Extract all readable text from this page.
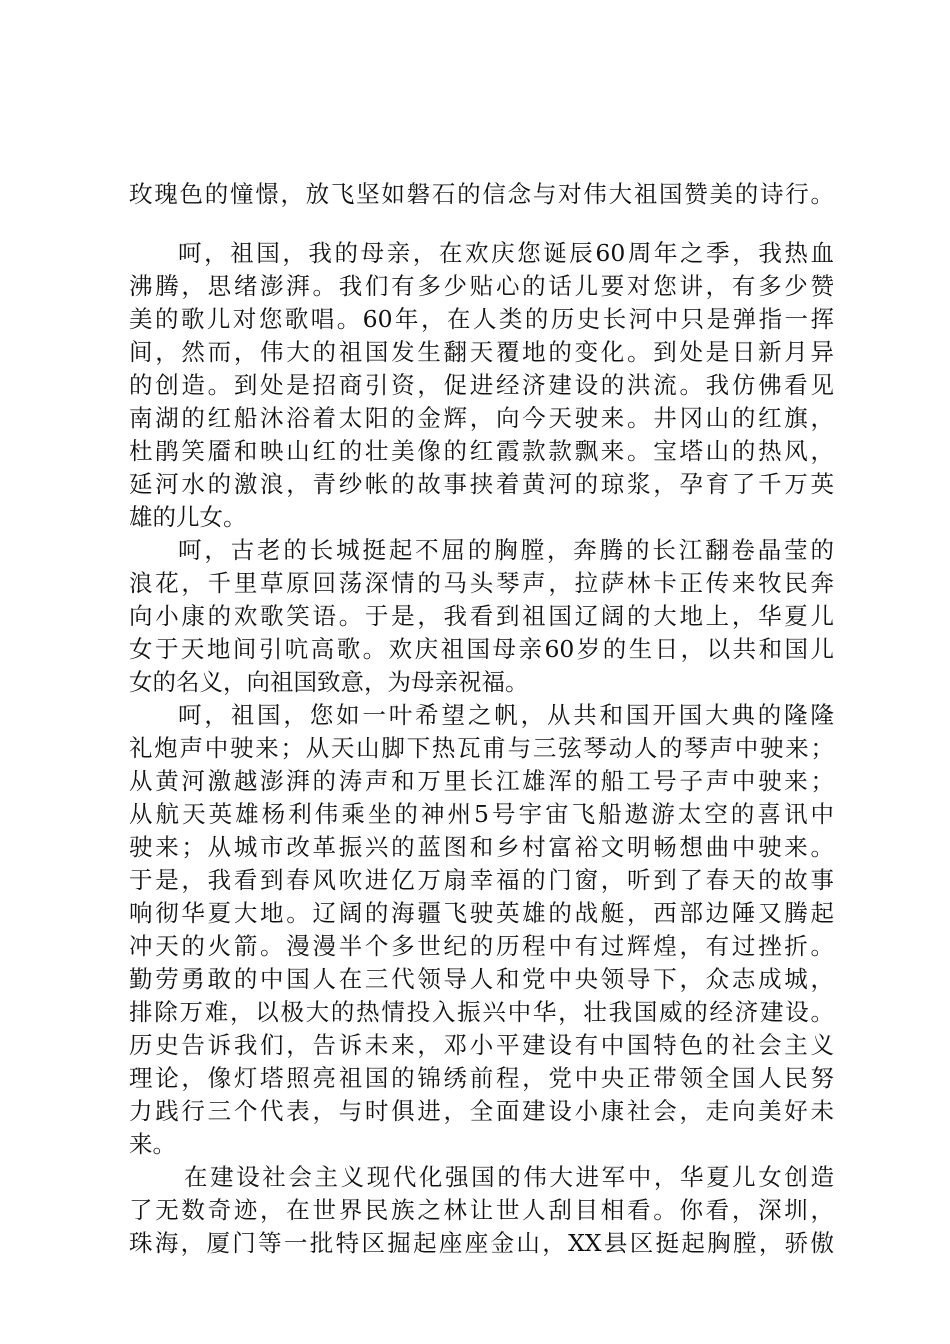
玫瑰色的憧憬，放飞坚如磐石的信念与对伟大祖国赞美的诗行。
呵，祖国，我的母亲，在欢庆您诞辰60周年之季，我热血
沸腾，思绪澎湃。我们有多少贴心的话儿要对您讲，有多少赞
美的歌儿对您歌唱。60年，在人类的历史长河中只是弹指一挥
间，然而，伟大的祖国发生翻天覆地的变化。到处是日新月异
的创造。到处是招商引资，促进经济建设的洪流。我仿佛看见
南湖的红船沐浴着太阳的金辉，向今天驶来。井冈山的红旗，
杜鹃笑靥和映山红的壮美像的红霞款款飘来。宝塔山的热风，
延河水的激浪，青纱帐的故事挟着黄河的琼浆，孕育了千万英
雄的儿女。
呵，古老的长城挺起不屈的胸膛，奔腾的长江翻卷晶莹的
浪花，千里草原回荡深情的马头琴声，拉萨林卡正传来牧民奔
向小康的欢歌笑语。于是，我看到祖国辽阔的大地上，华夏儿
女于天地间引吭高歌。欢庆祖国母亲60岁的生日，以共和国儿
女的名义，向祖国致意，为母亲祝福。
呵，祖国，您如一叶希望之帆，从共和国开国大典的隆隆
礼炮声中驶来；从天山脚下热瓦甫与三弦琴动人的琴声中驶来；
从黄河激越澎湃的涛声和万里长江雄浑的船工号子声中驶来；
从航天英雄杨利伟乘坐的神州5号宇宙飞船遨游太空的喜讯中
驶来；从城市改革振兴的蓝图和乡村富裕文明畅想曲中驶来。
于是，我看到春风吹进亿万扇幸福的门窗，听到了春天的故事
响彻华夏大地。辽阔的海疆飞驶英雄的战艇，西部边陲又腾起
冲天的火箭。漫漫半个多世纪的历程中有过辉煌，有过挫折。
勤劳勇敢的中国人在三代领导人和党中央领导下，众志成城，
排除万难，以极大的热情投入振兴中华，壮我国威的经济建设。
历史告诉我们，告诉未来，邓小平建设有中国特色的社会主义
理论，像灯塔照亮祖国的锦绣前程，党中央正带领全国人民努
力践行三个代表，与时俱进，全面建设小康社会，走向美好未
来。
在建设社会主义现代化强国的伟大进军中，华夏儿女创造
了无数奇迹，在世界民族之林让世人刮目相看。你看，深圳，
珠海，厦门等一批特区掘起座座金山，XX县区挺起胸膛，骄傲
